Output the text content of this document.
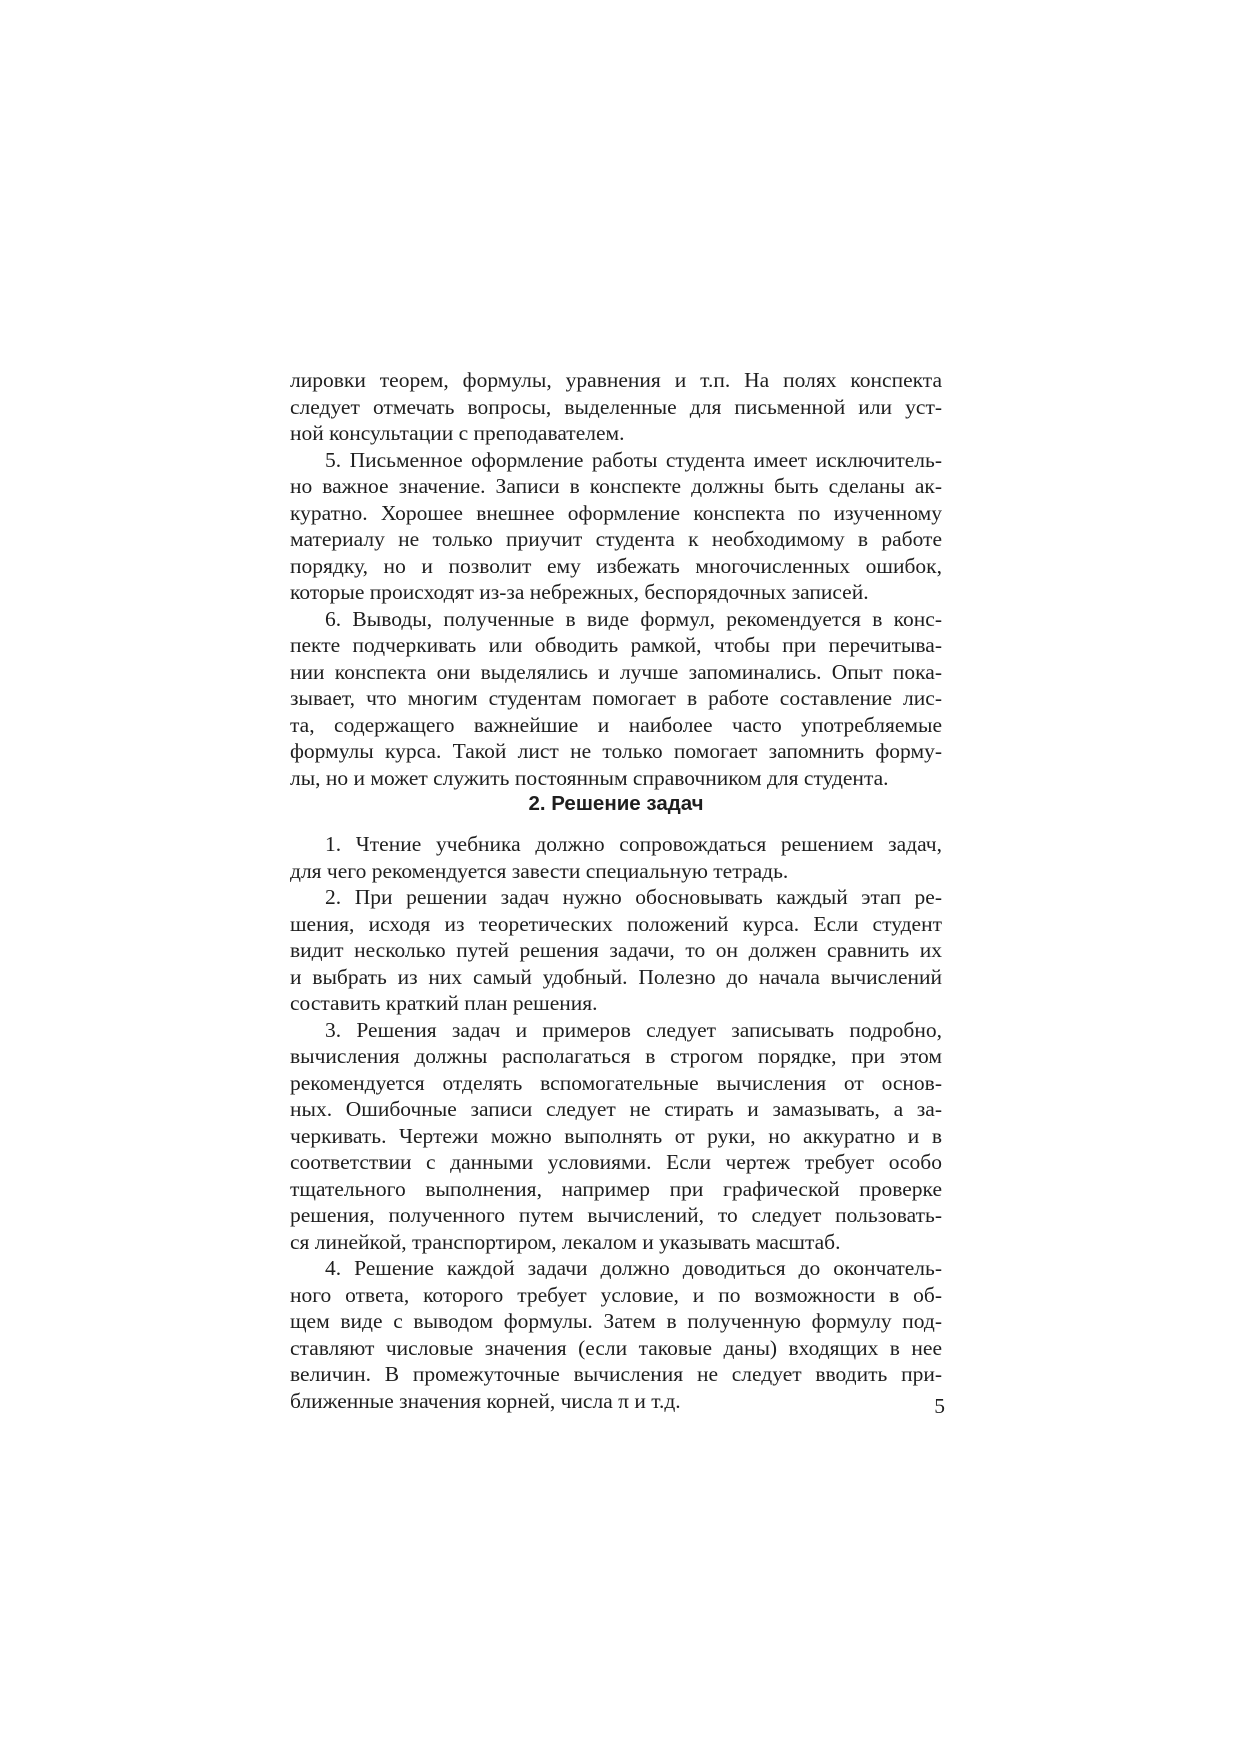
лировки теорем, формулы, уравнения и т.п. На полях конспекта
следует отмечать вопросы, выделенные для письменной или уст-
ной консультации с преподавателем.
5. Письменное оформление работы студента имеет исключитель-
но важное значение. Записи в конспекте должны быть сделаны ак-
куратно. Хорошее внешнее оформление конспекта по изученному
материалу не только приучит студента к необходимому в работе
порядку, но и позволит ему избежать многочисленных ошибок,
которые происходят из-за небрежных, беспорядочных записей.
6. Выводы, полученные в виде формул, рекомендуется в конс-
пекте подчеркивать или обводить рамкой, чтобы при перечитыва-
нии конспекта они выделялись и лучше запоминались. Опыт пока-
зывает, что многим студентам помогает в работе составление лис-
та, содержащего важнейшие и наиболее часто употребляемые
формулы курса. Такой лист не только помогает запомнить форму-
лы, но и может служить постоянным справочником для студента.
2. Решение задач
1. Чтение учебника должно сопровождаться решением задач,
для чего рекомендуется завести специальную тетрадь.
2. При решении задач нужно обосновывать каждый этап ре-
шения, исходя из теоретических положений курса. Если студент
видит несколько путей решения задачи, то он должен сравнить их
и выбрать из них самый удобный. Полезно до начала вычислений
составить краткий план решения.
3. Решения задач и примеров следует записывать подробно,
вычисления должны располагаться в строгом порядке, при этом
рекомендуется отделять вспомогательные вычисления от основ-
ных. Ошибочные записи следует не стирать и замазывать, а за-
черкивать. Чертежи можно выполнять от руки, но аккуратно и в
соответствии с данными условиями. Если чертеж требует особо
тщательного выполнения, например при графической проверке
решения, полученного путем вычислений, то следует пользовать-
ся линейкой, транспортиром, лекалом и указывать масштаб.
4. Решение каждой задачи должно доводиться до окончатель-
ного ответа, которого требует условие, и по возможности в об-
щем виде с выводом формулы. Затем в полученную формулу под-
ставляют числовые значения (если таковые даны) входящих в нее
величин. В промежуточные вычисления не следует вводить при-
ближенные значения корней, числа π и т.д.	5
